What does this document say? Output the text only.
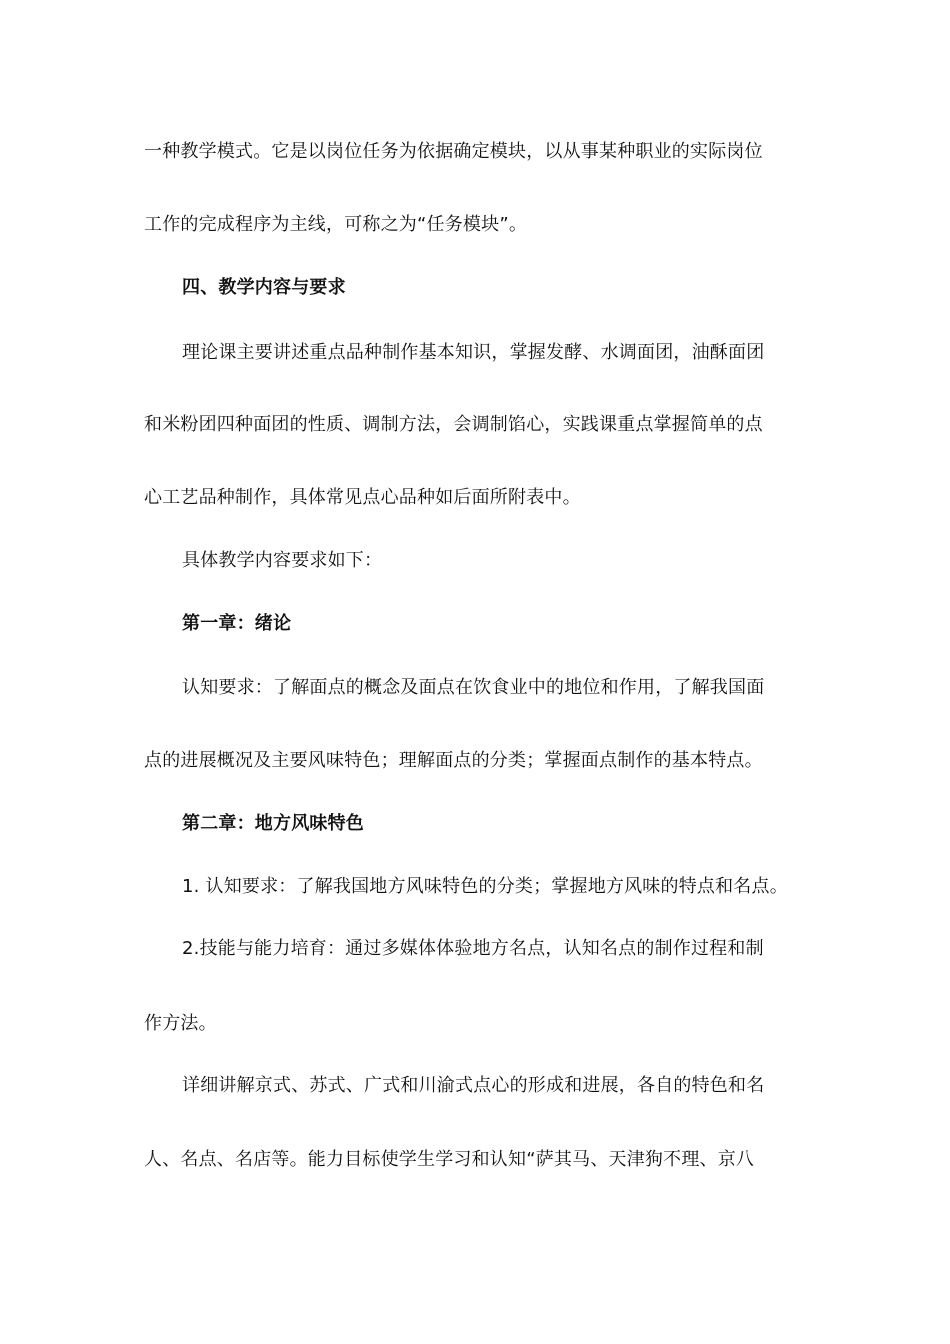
一种教学模式。它是以岗位任务为依据确定模块，以从事某种职业的实际岗位
工作的完成程序为主线，可称之为“任务模块”。
四、教学内容与要求
理论课主要讲述重点品种制作基本知识，掌握发酵、水调面团，油酥面团
和米粉团四种面团的性质、调制方法，会调制馅心，实践课重点掌握简单的点
心工艺品种制作，具体常见点心品种如后面所附表中。
具体教学内容要求如下：
第一章：绪论
认知要求：了解面点的概念及面点在饮食业中的地位和作用，了解我国面
点的进展概况及主要风味特色；理解面点的分类；掌握面点制作的基本特点。
第二章：地方风味特色
1. 认知要求：了解我国地方风味特色的分类；掌握地方风味的特点和名点。
2.技能与能力培育：通过多媒体体验地方名点，认知名点的制作过程和制
作方法。
详细讲解京式、苏式、广式和川渝式点心的形成和进展，各自的特色和名
人、名点、名店等。能力目标使学生学习和认知“萨其马、天津狗不理、京八
